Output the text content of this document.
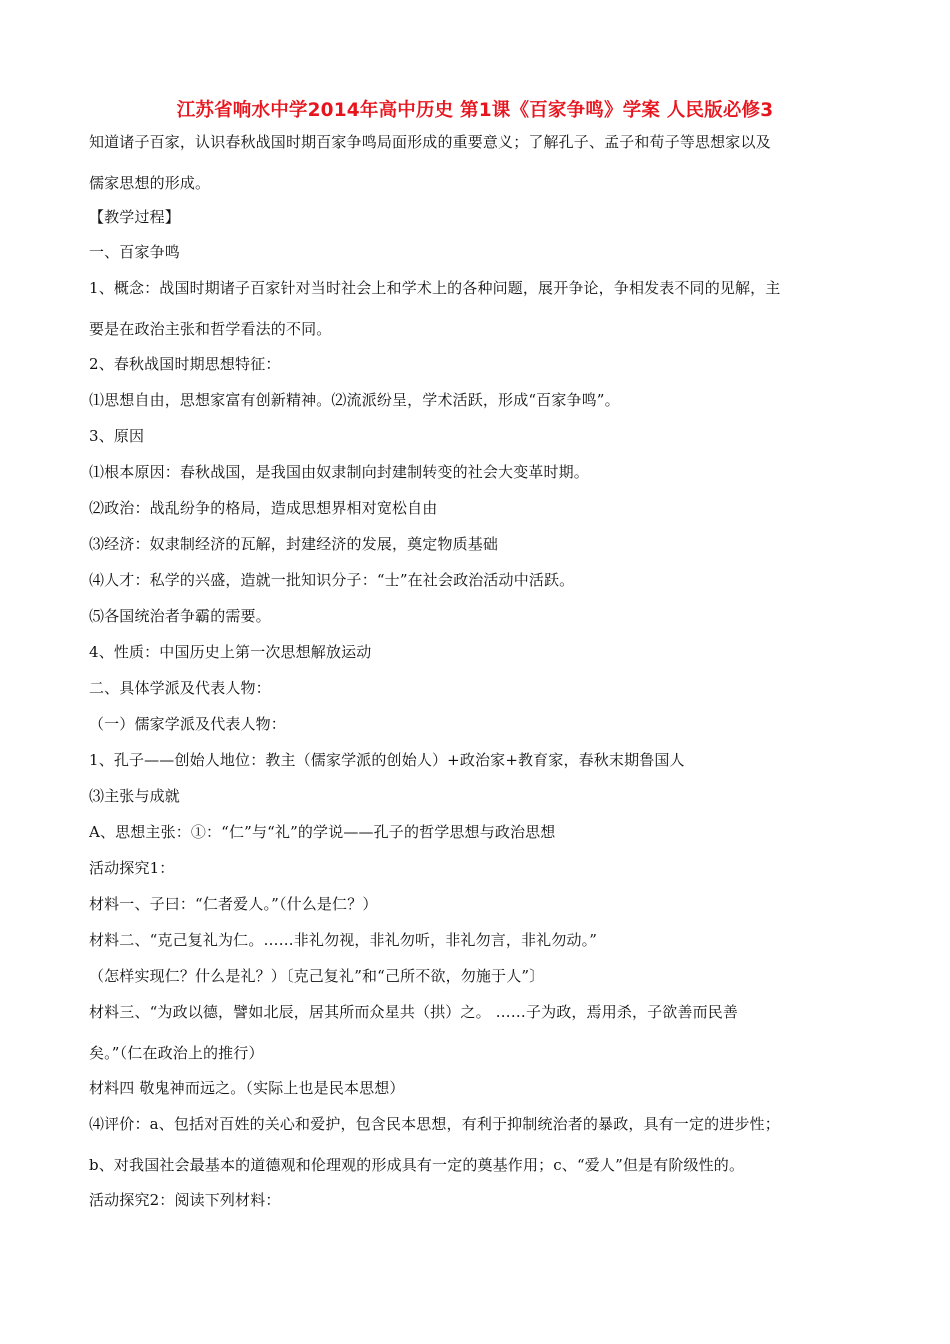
江苏省响水中学2014年高中历史 第1课《百家争鸣》学案 人民版必修3
知道诸子百家，认识春秋战国时期百家争鸣局面形成的重要意义；了解孔子、孟子和荀子等思想家以及
儒家思想的形成。
【教学过程】
一、百家争鸣
1、概念：战国时期诸子百家针对当时社会上和学术上的各种问题，展开争论，争相发表不同的见解，主
要是在政治主张和哲学看法的不同。
2、春秋战国时期思想特征：
⑴思想自由，思想家富有创新精神。⑵流派纷呈，学术活跃，形成“百家争鸣”。
3、原因
⑴根本原因：春秋战国，是我国由奴隶制向封建制转变的社会大变革时期。
⑵政治：战乱纷争的格局，造成思想界相对宽松自由
⑶经济：奴隶制经济的瓦解，封建经济的发展，奠定物质基础
⑷人才：私学的兴盛，造就一批知识分子：“士”在社会政治活动中活跃。
⑸各国统治者争霸的需要。
4、性质：中国历史上第一次思想解放运动
二、具体学派及代表人物：
（一）儒家学派及代表人物：
1、孔子——创始人地位：教主（儒家学派的创始人）+政治家+教育家，春秋末期鲁国人
⑶主张与成就
A、思想主张：①：“仁”与“礼”的学说——孔子的哲学思想与政治思想
活动探究1：
材料一、子曰：“仁者爱人。”（什么是仁？）
材料二、“克己复礼为仁。……非礼勿视，非礼勿听，非礼勿言，非礼勿动。”
（怎样实现仁？什么是礼？）〔克己复礼”和“己所不欲，勿施于人”〕
材料三、“为政以德，譬如北辰，居其所而众星共（拱）之。 ……子为政，焉用杀，子欲善而民善
矣。”（仁在政治上的推行）
材料四 敬鬼神而远之。（实际上也是民本思想）
⑷评价：a、包括对百姓的关心和爱护，包含民本思想，有利于抑制统治者的暴政，具有一定的进步性；
b、对我国社会最基本的道德观和伦理观的形成具有一定的奠基作用；c、“爱人”但是有阶级性的。
活动探究2：阅读下列材料：
